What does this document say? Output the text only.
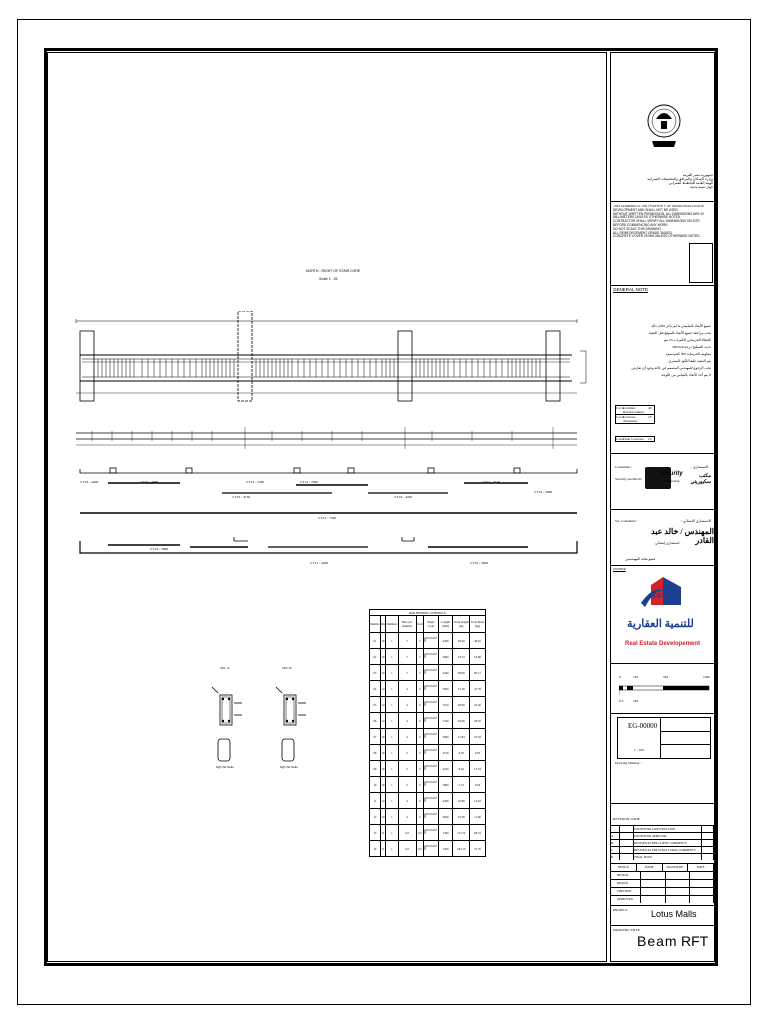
NORTH - RIGHT OF STAIR CORE
Scale 1 : 25
2 T16 - 4200	2 T16 - 4960	2 T16 - 5440	2 T12 - 7820	2 T12 - 7150
2 T16 - 3960
2 T16 - 3150	2 T16 - 4220
2 T12 - 7340
2 T16 - 2860
2 T12 - 4200	2 T10 - 4820
SEC A	SEC B
8@150 links	8@150 links
BAR BENDING SCHEDULE								
Number	Dia	Members	Bars per member	Total	Shape Code	Length (mm)	Total length (m)	Total Mass (kg)
01	16	1	7	7		4200	29.40	46.45
02	16	1	7	7		4960	34.72	54.86
03	16	1	7	7		5440	38.08	60.17
04	12	1	4	4		7820	31.28	27.78
05	12	1	4	4		7150	28.60	25.40
06	12	1	4	4		7340	29.36	26.07
07	16	1	4	4		3960	15.84	25.03
08	16	1	2	2		3150	6.30	9.95
09	16	1	2	2		4220	8.44	13.34
10	16	1	2	2		2860	5.72	9.04
11	12	1	4	4		4200	16.80	14.92
12	10	1	4	4		4820	19.28	11.90
13	8	1	127	127		1360	172.72	68.19
14	8	1	127	127		1450	184.15	72.70
جمهورية مصر العربية
وزارة الإسكان والمرافق والمجتمعات العمرانية
الهيئة العامة للتخطيط العمراني
جهاز تنمية مدينة
THIS DRAWING IS THE PROPERTY OF KAYAN REAL ESTATE DEVELOPMENT AND SHALL NOT BE USED
WITHOUT WRITTEN PERMISSION. ALL DIMENSIONS ARE IN MILLIMETERS UNLESS OTHERWISE NOTED.
CONTRACTOR SHALL VERIFY ALL DIMENSIONS ON SITE BEFORE COMMENCING ANY WORK.
DO NOT SCALE THIS DRAWING.
ALL REINFORCEMENT GRADE 360/520.
CONCRETE COVER 25 MM UNLESS OTHERWISE NOTED.
GENERAL NOTE
جميع الأبعاد بالمليمتر ما لم يذكر خلاف ذلك
يجب مراجعة جميع الأبعاد بالموقع قبل التنفيذ
الغطاء الخرساني للكمرات 25 مم
حديد التسليح درجة 360/520
مقاومة الخرسانة 300 كجم/سم2
يتم التنفيذ طبقا للكود المصري
يجب الرجوع للمهندس المصمم في حالة وجود أي تعارض
لا يتم أخذ الأبعاد بالقياس من اللوحة
Cover
Columns Reinforcement
40
Cover
Concrete Thickness
25
Conc.
Plain Concrete	10
Consultant :	الاستشاري :
Security Architects
Security
engineering
مكتب سكيوريتي
Str. Consultant :	الاستشاري الإنشائي /
المهندس / خالد عبد القادر
استشاري إنشائي
عضو نقابة المهندسين
OWNER
KAYAN
للتنمية العقارية
Real Estate Developement
0	1M	5M	10M
0.5	2M
EG-00000
1 : 100
Drawing Number :
REVISION CODE
ISSUED FOR CONSTRUCTION
A	ISSUED FOR APPROVAL
B	REVISED AS PER CLIENT COMMENTS
C	REVISED AS PER STRUCTURAL COMMENTS
D	FINAL ISSUE
DESIGN	NAME	SIGNATURE	DATE
DESIGN
DRAWN
CHECKED
APPROVED
PROJECT	Lotus Malls
DRAWING TITLE
Beam RFT
